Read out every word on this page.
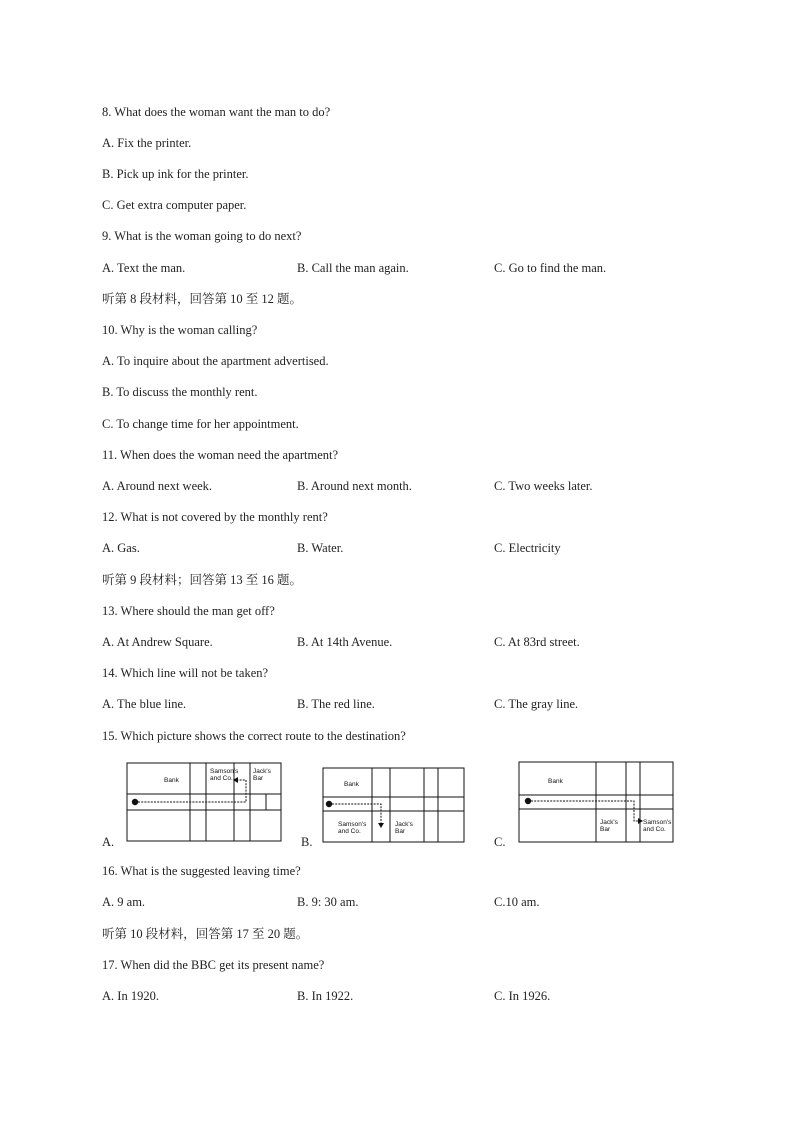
8. What does the woman want the man to do?
A. Fix the printer.
B. Pick up ink for the printer.
C. Get extra computer paper.
9. What is the woman going to do next?
A. Text the man.	B. Call the man again.	C. Go to find the man.
听第 8 段材料，回答第 10 至 12 题。
10. Why is the woman calling?
A. To inquire about the apartment advertised.
B. To discuss the monthly rent.
C. To change time for her appointment.
11. When does the woman need the apartment?
A. Around next week.	B. Around next month.	C. Two weeks later.
12. What is not covered by the monthly rent?
A. Gas.	B. Water.	C. Electricity
听第 9 段材料；回答第 13 至 16 题。
13. Where should the man get off?
A. At Andrew Square.	B. At 14th Avenue.	C. At 83rd street.
14. Which line will not be taken?
A. The blue line.	B. The red line.	C. The gray line.
15. Which picture shows the correct route to the destination?
A.	B.	C.
Bank
Samson's
and Co.
Jack's
Bar
Bank
Samson's
and Co.
Jack's
Bar
Bank
Jack's
Bar
Samson's
and Co.
16. What is the suggested leaving time?
A. 9 am.	B. 9: 30 am.	C.10 am.
听第 10 段材料，回答第 17 至 20 题。
17. When did the BBC get its present name?
A. In 1920.	B. In 1922.	C. In 1926.
